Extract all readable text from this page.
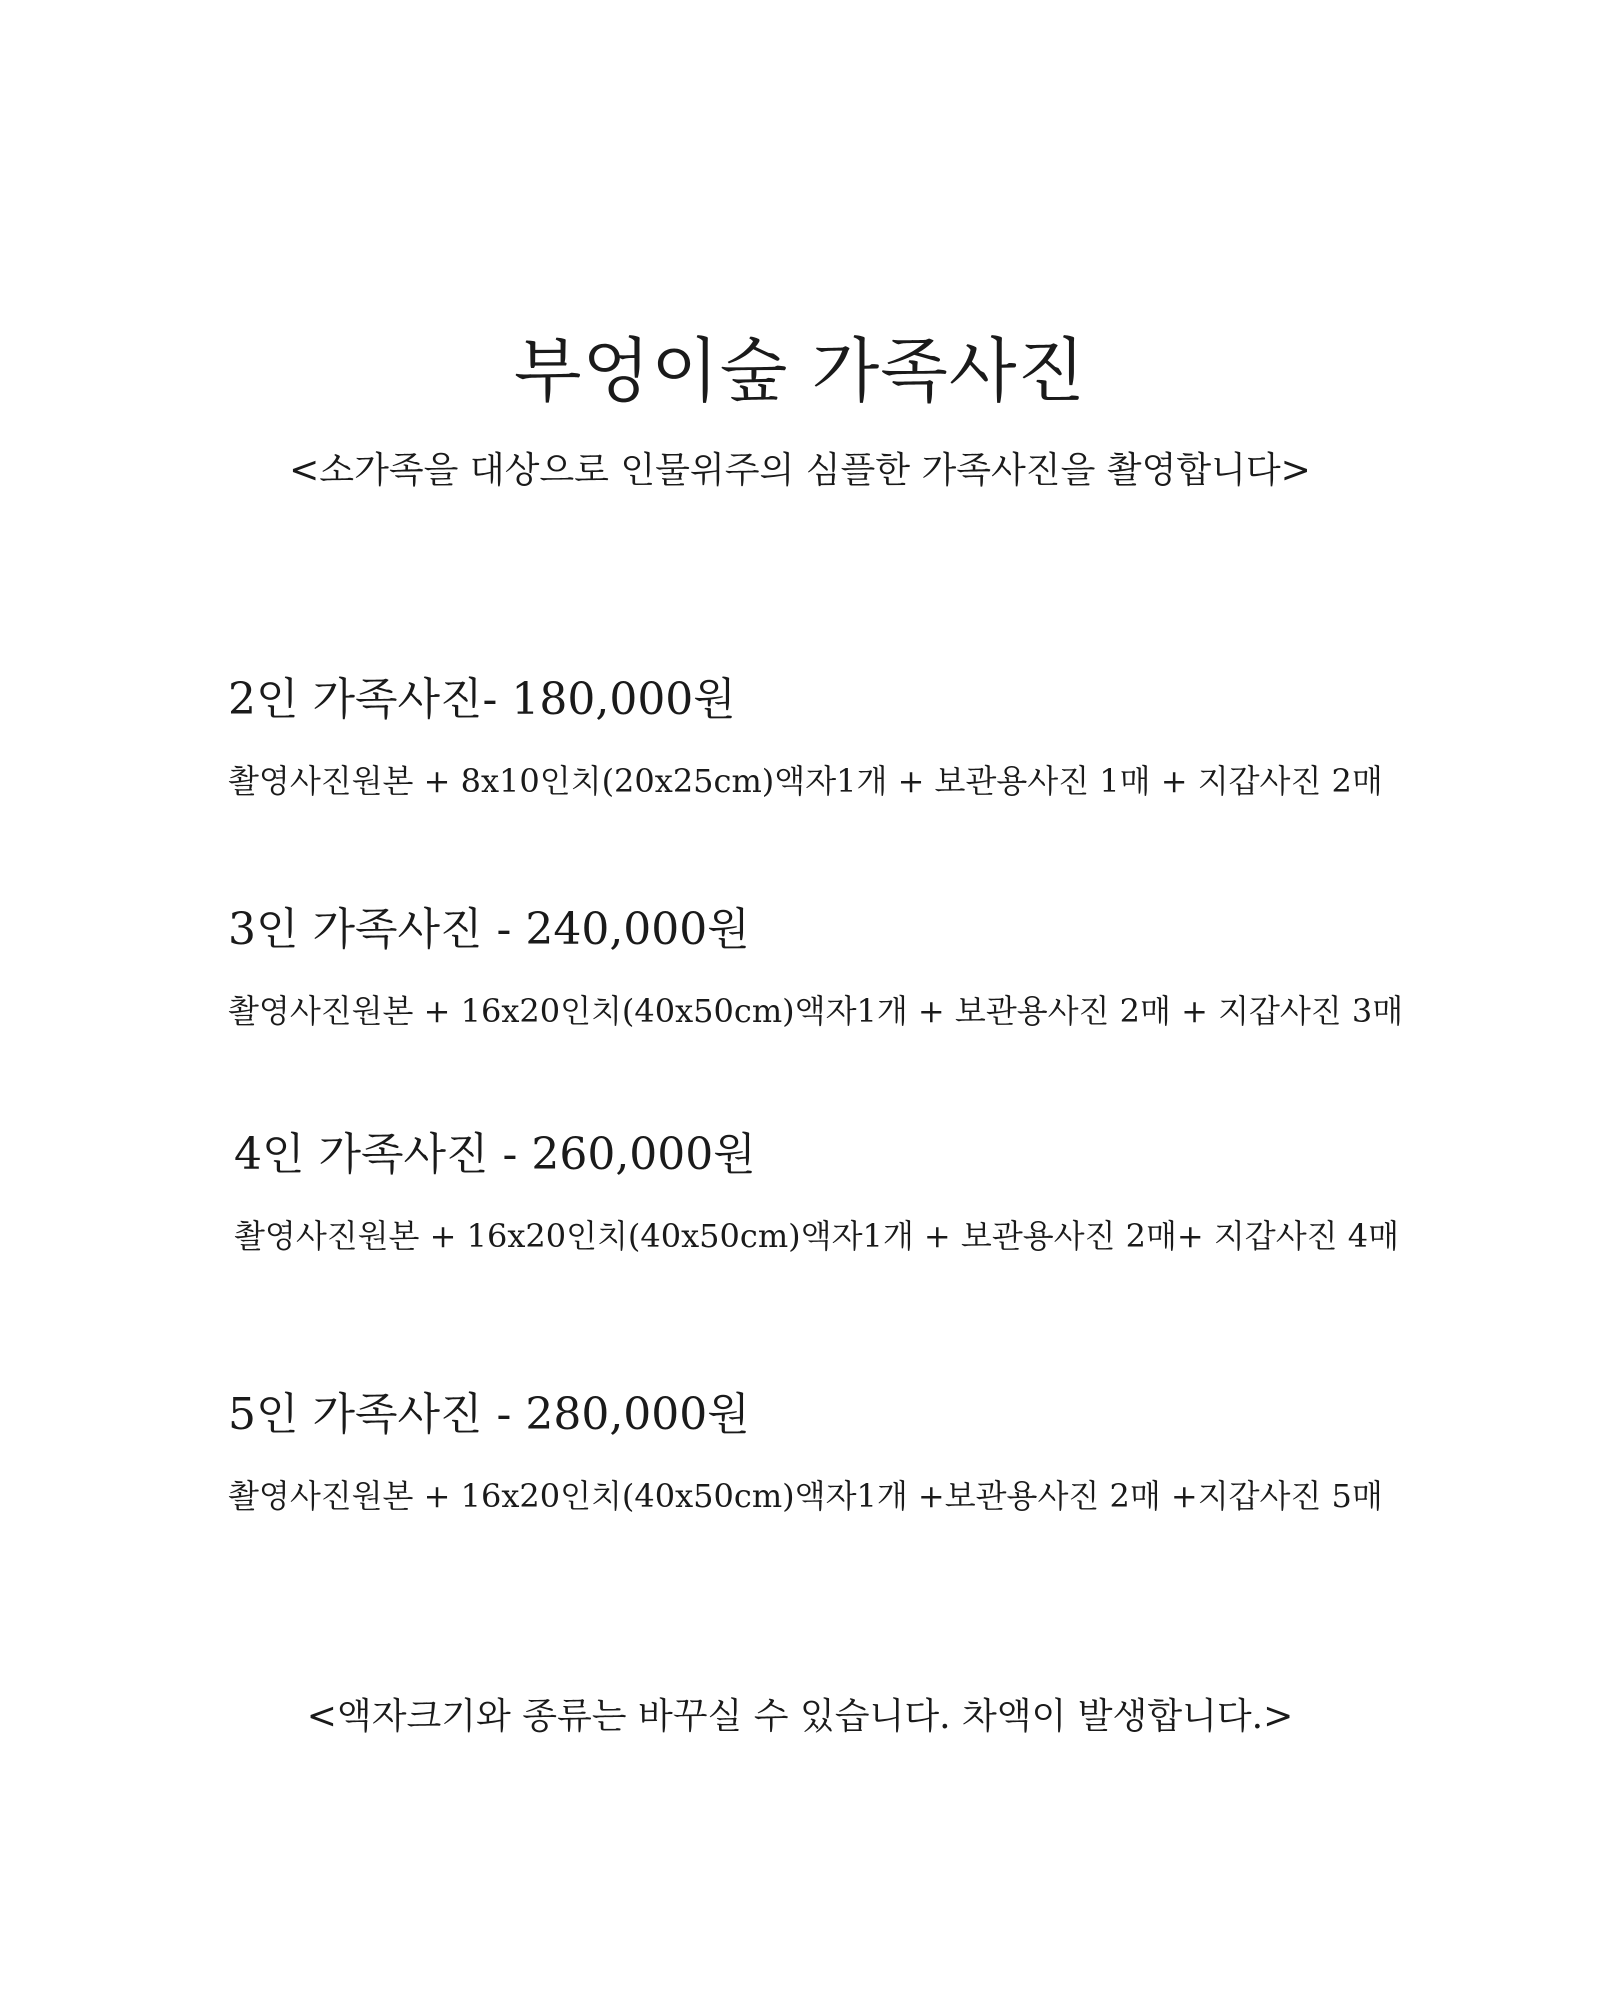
부엉이숲 가족사진

<소가족을 대상으로 인물위주의 심플한 가족사진을 촬영합니다>

2인 가족사진- 180,000원

촬영사진원본 + 8x10인치(20x25cm)액자1개 + 보관용사진 1매 + 지갑사진 2매

3인 가족사진 - 240,000원

촬영사진원본 + 16x20인치(40x50cm)액자1개 + 보관용사진 2매 + 지갑사진 3매

4인 가족사진 - 260,000원

촬영사진원본 + 16x20인치(40x50cm)액자1개 + 보관용사진 2매+ 지갑사진 4매

5인 가족사진 - 280,000원

촬영사진원본 + 16x20인치(40x50cm)액자1개 +보관용사진 2매 +지갑사진 5매

<액자크기와 종류는 바꾸실 수 있습니다. 차액이 발생합니다.>
